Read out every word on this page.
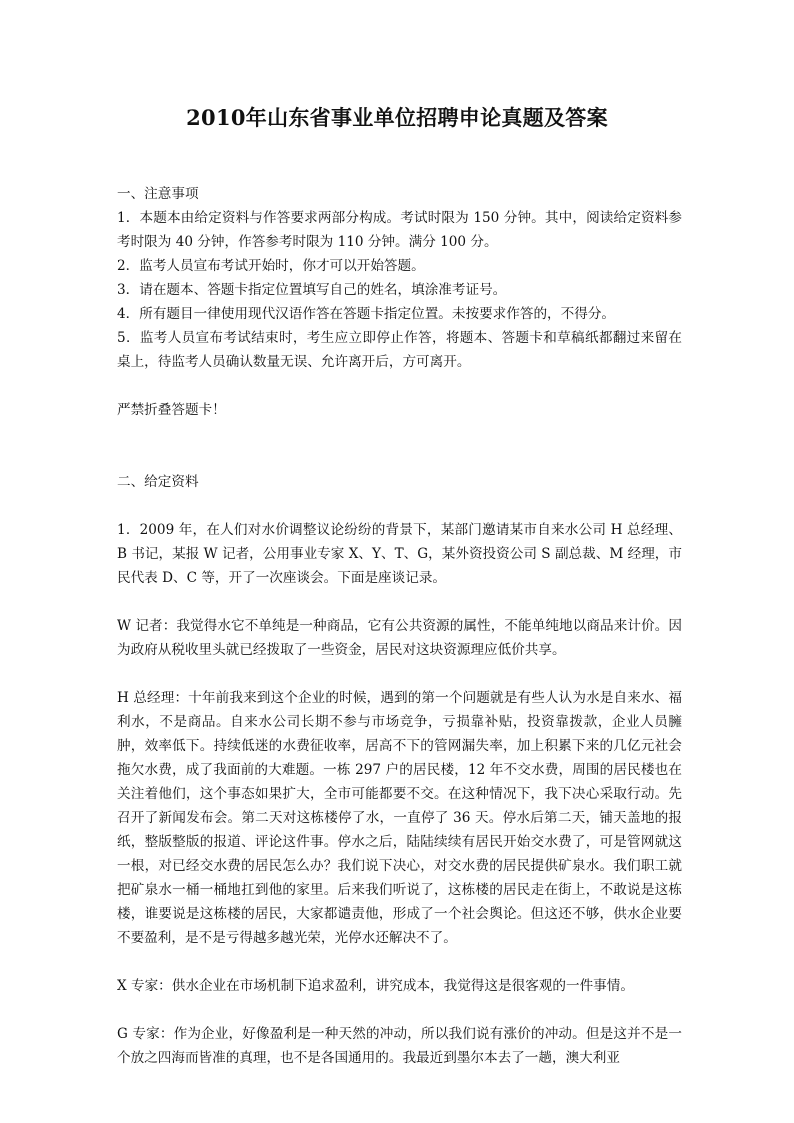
2010年山东省事业单位招聘申论真题及答案

一、注意事项

1．本题本由给定资料与作答要求两部分构成。考试时限为 150 分钟。其中，阅读给定资料参考时限为 40 分钟，作答参考时限为 110 分钟。满分 100 分。

2．监考人员宣布考试开始时，你才可以开始答题。

3．请在题本、答题卡指定位置填写自己的姓名，填涂准考证号。

4．所有题目一律使用现代汉语作答在答题卡指定位置。未按要求作答的，不得分。

5．监考人员宣布考试结束时，考生应立即停止作答，将题本、答题卡和草稿纸都翻过来留在桌上，待监考人员确认数量无误、允许离开后，方可离开。

严禁折叠答题卡！

二、给定资料

1．2009 年，在人们对水价调整议论纷纷的背景下，某部门邀请某市自来水公司 H 总经理、B 书记，某报 W 记者，公用事业专家 X、Y、T、G，某外资投资公司 S 副总裁、M 经理，市民代表 D、C 等，开了一次座谈会。下面是座谈记录。

W 记者：我觉得水它不单纯是一种商品，它有公共资源的属性，不能单纯地以商品来计价。因为政府从税收里头就已经拨取了一些资金，居民对这块资源理应低价共享。

H 总经理：十年前我来到这个企业的时候，遇到的第一个问题就是有些人认为水是自来水、福利水，不是商品。自来水公司长期不参与市场竞争，亏损靠补贴，投资靠拨款，企业人员臃肿，效率低下。持续低迷的水费征收率，居高不下的管网漏失率，加上积累下来的几亿元社会拖欠水费，成了我面前的大难题。一栋 297 户的居民楼，12 年不交水费，周围的居民楼也在关注着他们，这个事态如果扩大，全市可能都要不交。在这种情况下，我下决心采取行动。先召开了新闻发布会。第二天对这栋楼停了水，一直停了 36 天。停水后第二天，铺天盖地的报纸，整版整版的报道、评论这件事。停水之后，陆陆续续有居民开始交水费了，可是管网就这一根，对已经交水费的居民怎么办？我们说下决心，对交水费的居民提供矿泉水。我们职工就把矿泉水一桶一桶地扛到他的家里。后来我们听说了，这栋楼的居民走在街上，不敢说是这栋楼，谁要说是这栋楼的居民，大家都谴责他，形成了一个社会舆论。但这还不够，供水企业要不要盈利，是不是亏得越多越光荣，光停水还解决不了。

X 专家：供水企业在市场机制下追求盈利，讲究成本，我觉得这是很客观的一件事情。

G 专家：作为企业，好像盈利是一种天然的冲动，所以我们说有涨价的冲动。但是这并不是一个放之四海而皆准的真理，也不是各国通用的。我最近到墨尔本去了一趟，澳大利亚
